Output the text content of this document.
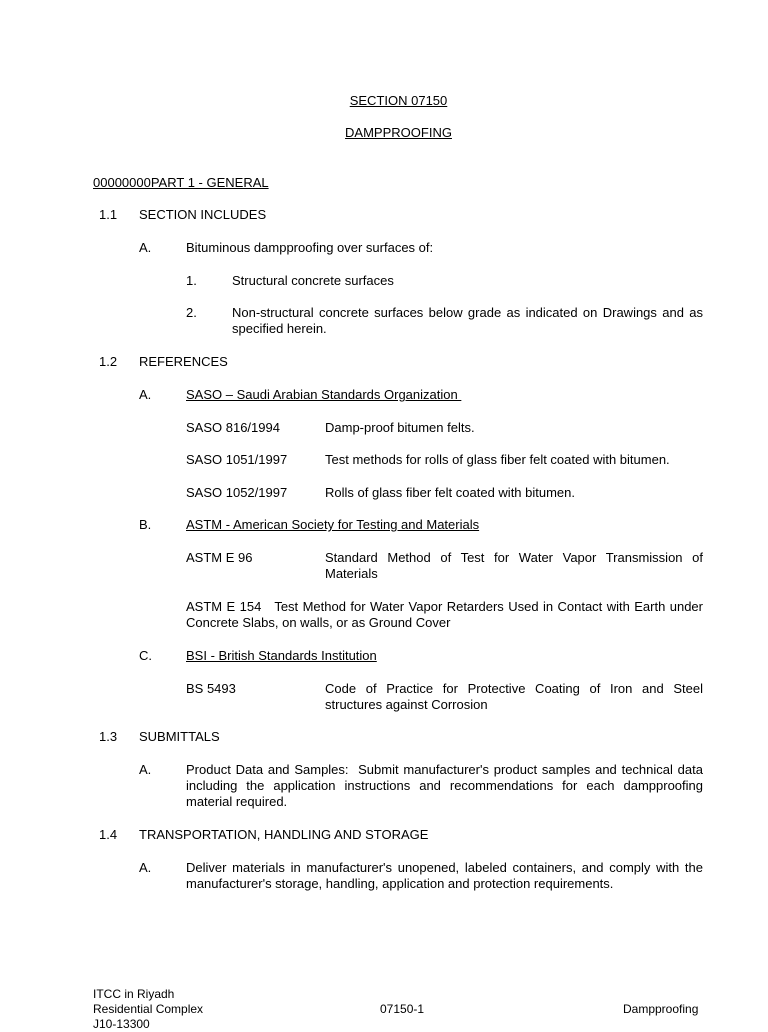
SECTION 07150
DAMPPROOFING
00000000PART 1 - GENERAL
1.1 SECTION INCLUDES
A.	Bituminous dampproofing over surfaces of:
1.	Structural concrete surfaces
2.	Non-structural concrete surfaces below grade as indicated on Drawings and as specified herein.
1.2 REFERENCES
A.	SASO – Saudi Arabian Standards Organization
SASO 816/1994	Damp-proof bitumen felts.
SASO 1051/1997	Test methods for rolls of glass fiber felt coated with bitumen.
SASO 1052/1997	Rolls of glass fiber felt coated with bitumen.
B.	ASTM - American Society for Testing and Materials
ASTM E 96	Standard Method of Test for Water Vapor Transmission of Materials
ASTM E 154   Test Method for Water Vapor Retarders Used in Contact with Earth under Concrete Slabs, on walls, or as Ground Cover
C.	BSI - British Standards Institution
BS 5493	Code of Practice for Protective Coating of Iron and Steel structures against Corrosion
1.3 SUBMITTALS
A.	Product Data and Samples:  Submit manufacturer's product samples and technical data including the application instructions and recommendations for each dampproofing material required.
1.4 TRANSPORTATION, HANDLING AND STORAGE
A.	Deliver materials in manufacturer's unopened, labeled containers, and comply with the manufacturer's storage, handling, application and protection requirements.
ITCC in Riyadh
Residential Complex
J10-13300
07150-1	Dampproofing
